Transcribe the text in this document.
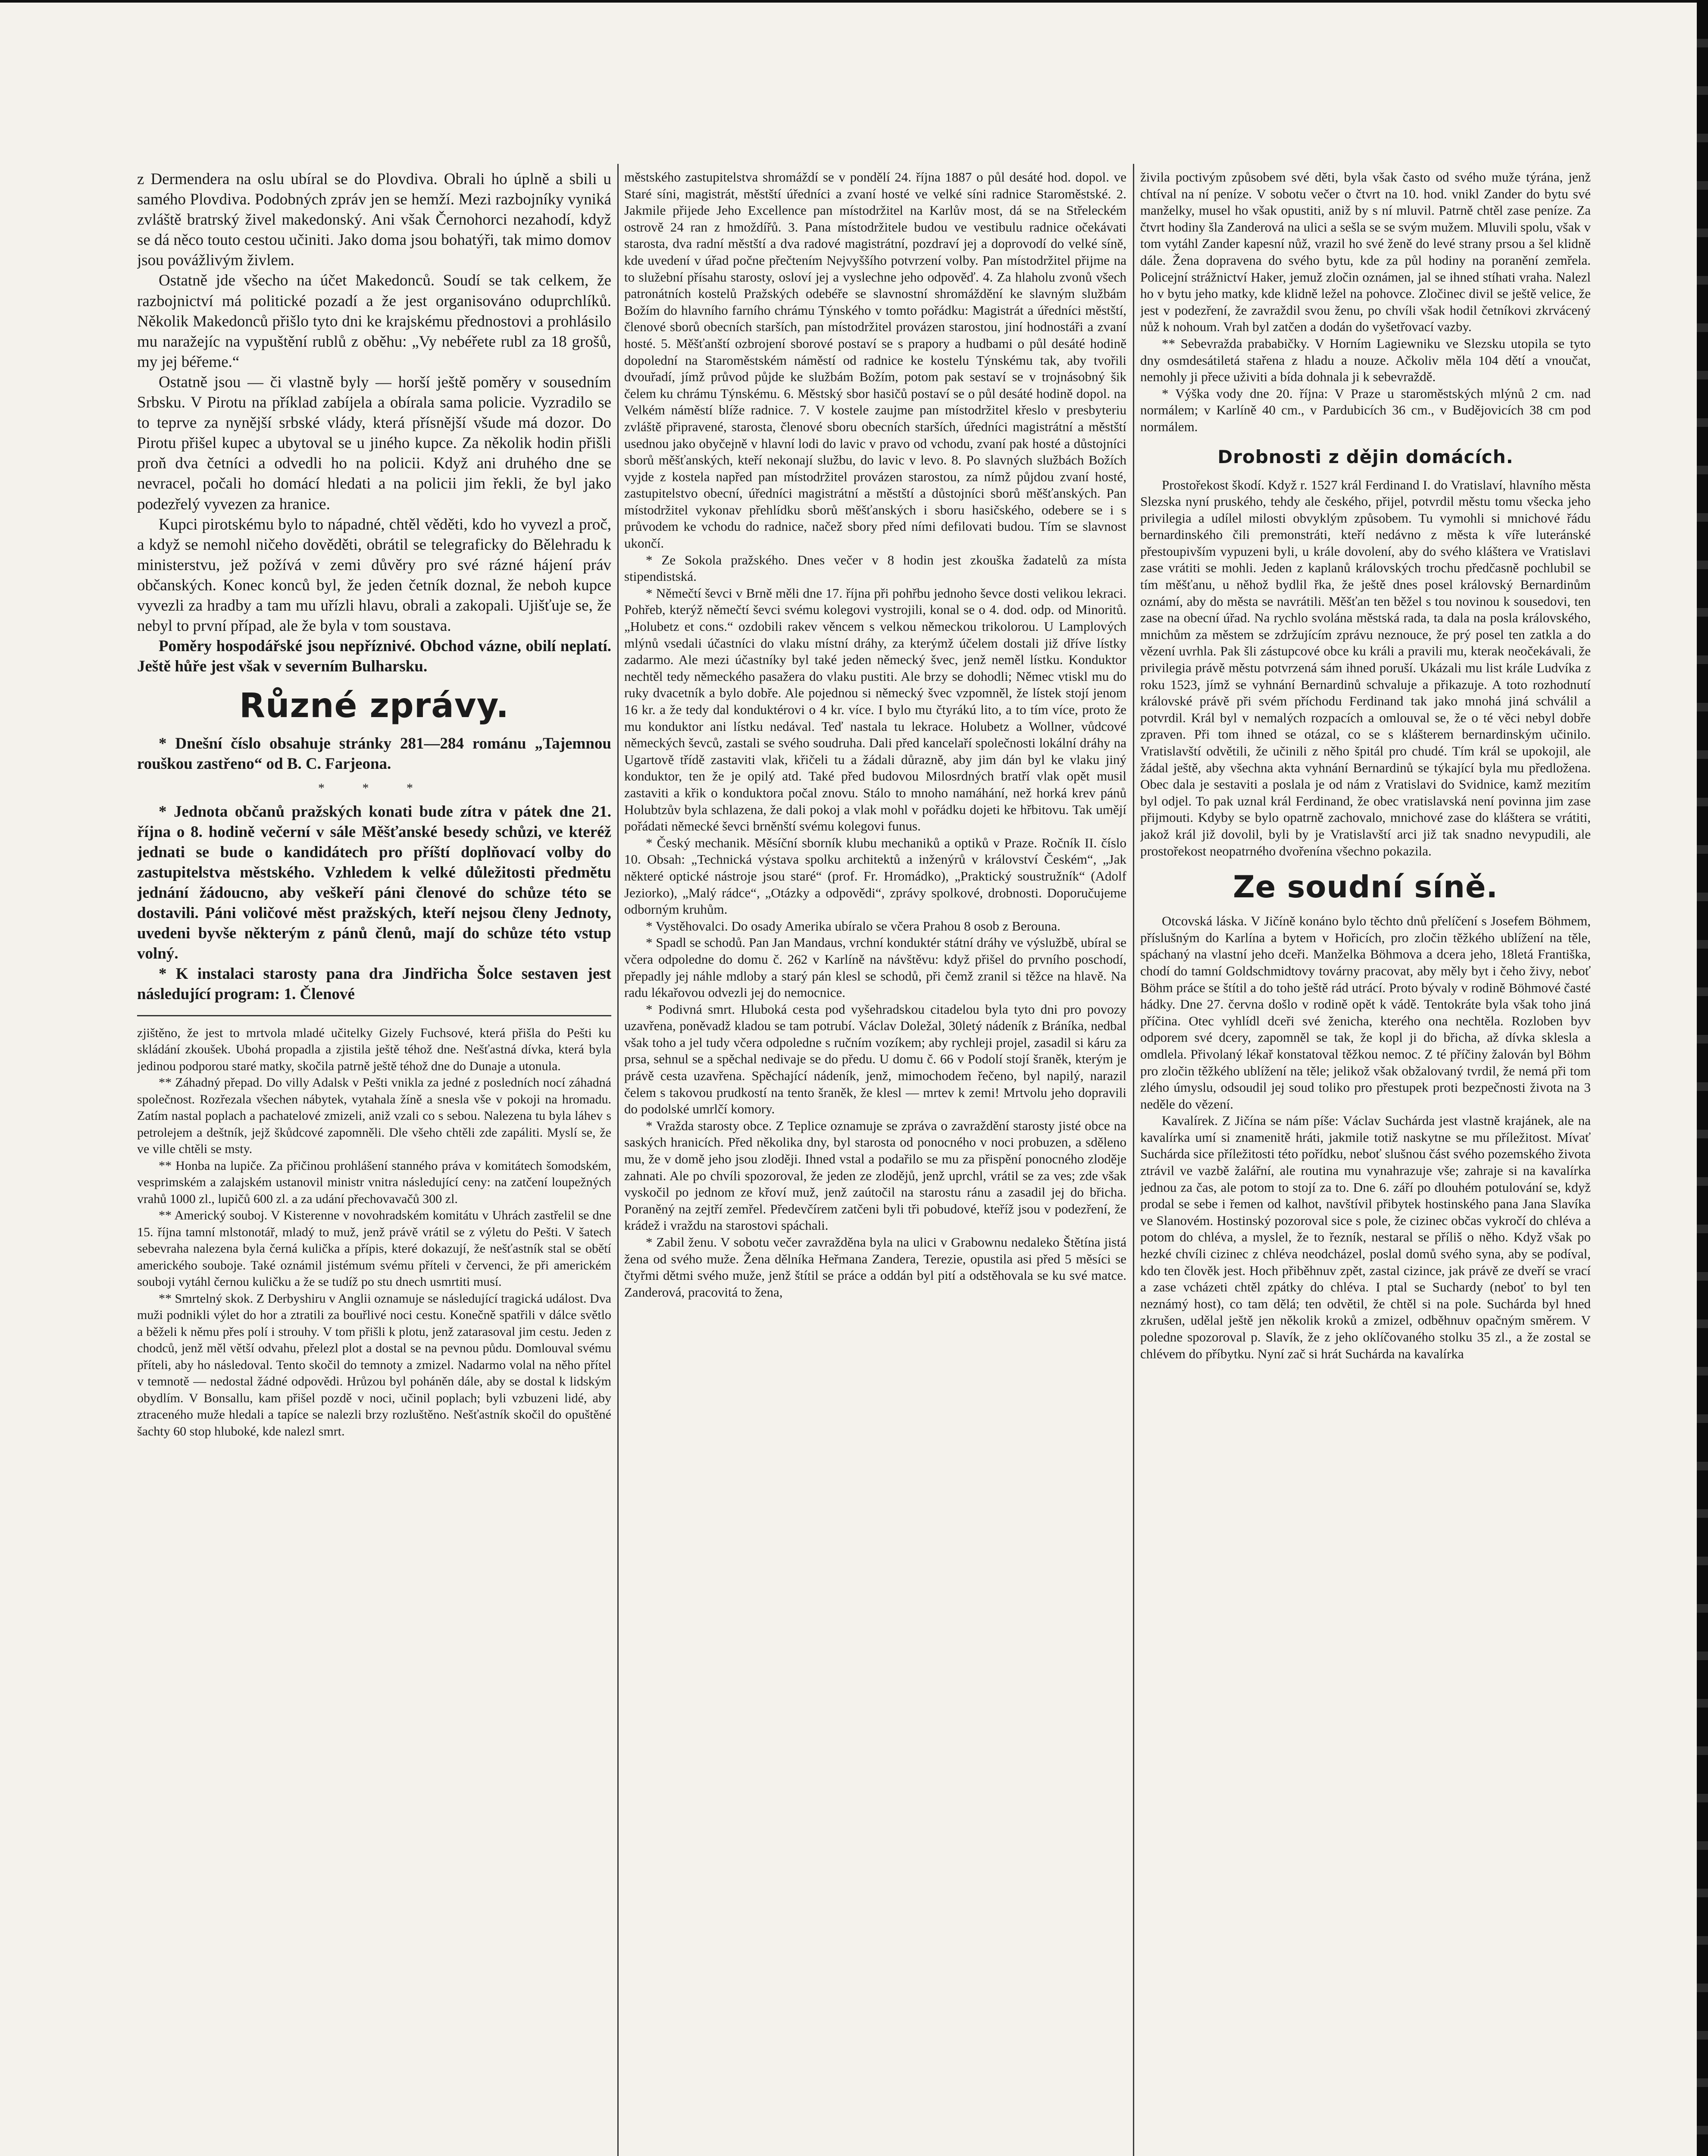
z Dermendera na oslu ubíral se do Plovdiva. Obrali ho úplně a sbili u samého Plovdiva. Podobných zpráv jen se hemží. Mezi razbojníky vyniká zvláště bratrský živel makedonský. Ani však Černohorci nezahodí, když se dá něco touto cestou učiniti. Jako doma jsou bohatýři, tak mimo domov jsou povážlivým živlem.

Ostatně jde všecho na účet Makedonců. Soudí se tak celkem, že razbojnictví má politické pozadí a že jest organisováno oduprchlíků. Několik Makedonců přišlo tyto dni ke krajskému přednostovi a prohlásilo mu naražejíc na vypuštění rublů z oběhu: „Vy nebéřete rubl za 18 grošů, my jej béřeme.“

Ostatně jsou — či vlastně byly — horší ještě poměry v sousedním Srbsku. V Pirotu na příklad zabíjela a obírala sama policie. Vyzradilo se to teprve za nynější srbské vlády, která přísnější všude má dozor. Do Pirotu přišel kupec a ubytoval se u jiného kupce. Za několik hodin přišli proň dva četníci a odvedli ho na policii. Když ani druhého dne se nevracel, počali ho domácí hledati a na policii jim řekli, že byl jako podezřelý vyvezen za hranice.

Kupci pirotskému bylo to nápadné, chtěl věděti, kdo ho vyvezl a proč, a když se nemohl ničeho dověděti, obrátil se telegraficky do Bělehradu k ministerstvu, jež požívá v zemi důvěry pro své rázné hájení práv občanských. Konec konců byl, že jeden četník doznal, že neboh kupce vyvezli za hradby a tam mu uřízli hlavu, obrali a zakopali. Ujišťuje se, že nebyl to první případ, ale že byla v tom soustava.

Poměry hospodářské jsou nepříznivé. Obchod vázne, obilí neplatí. Ještě hůře jest však v severním Bulharsku.

Různé zprávy.

* Dnešní číslo obsahuje stránky 281—284 románu „Tajemnou rouškou zastřeno“ od B. C. Farjeona.

* * *

* Jednota občanů pražských konati bude zítra v pátek dne 21. října o 8. hodině večerní v sále Měšťanské besedy schůzi, ve kteréž jednati se bude o kandidátech pro příští doplňovací volby do zastupitelstva městského. Vzhledem k velké důležitosti předmětu jednání žádoucno, aby veškeří páni členové do schůze této se dostavili. Páni voličové měst pražských, kteří nejsou členy Jednoty, uvedeni byvše některým z pánů členů, mají do schůze této vstup volný.

* K instalaci starosty pana dra Jindřicha Šolce sestaven jest následující program: 1. Členové

zjištěno, že jest to mrtvola mladé učitelky Gizely Fuchsové, která přišla do Pešti ku skládání zkoušek. Ubohá propadla a zjistila ještě téhož dne. Nešťastná dívka, která byla jedinou podporou staré matky, skočila patrně ještě téhož dne do Dunaje a utonula.

** Záhadný přepad. Do villy Adalsk v Pešti vnikla za jedné z posledních nocí záhadná společnost. Rozřezala všechen nábytek, vytahala žíně a snesla vše v pokoji na hromadu. Zatím nastal poplach a pachatelové zmizeli, aniž vzali co s sebou. Nalezena tu byla láhev s petrolejem a deštník, jejž škůdcové zapomněli. Dle všeho chtěli zde zapáliti. Myslí se, že ve ville chtěli se msty.

** Honba na lupiče. Za přičinou prohlášení stanného práva v komitátech šomodském, vesprimském a zalajském ustanovil ministr vnitra následující ceny: na zatčení loupežných vrahů 1000 zl., lupičů 600 zl. a za udání přechovavačů 300 zl.

** Americký souboj. V Kisterenne v novohradském komitátu v Uhrách zastřelil se dne 15. října tamní mlstonotář, mladý to muž, jenž právě vrátil se z výletu do Pešti. V šatech sebevraha nalezena byla černá kulička a přípis, které dokazují, že nešťastník stal se obětí amerického souboje. Také oznámil jistémum svému příteli v červenci, že při americkém souboji vytáhl černou kuličku a že se tudíž po stu dnech usmrtiti musí.

** Smrtelný skok. Z Derbyshiru v Anglii oznamuje se následující tragická událost. Dva muži podnikli výlet do hor a ztratili za bouřlivé noci cestu. Konečně spatřili v dálce světlo a běželi k němu přes polí i strouhy. V tom přišli k plotu, jenž zatarasoval jim cestu. Jeden z chodců, jenž měl větší odvahu, přelezl plot a dostal se na pevnou půdu. Domlouval svému příteli, aby ho následoval. Tento skočil do temnoty a zmizel. Nadarmo volal na něho přítel v temnotě — nedostal žádné odpovědi. Hrůzou byl poháněn dále, aby se dostal k lidským obydlím. V Bonsallu, kam přišel pozdě v noci, učinil poplach; byli vzbuzeni lidé, aby ztraceného muže hledali a tapíce se nalezli brzy rozluštěno. Nešťastník skočil do opuštěné šachty 60 stop hluboké, kde nalezl smrt.

městského zastupitelstva shromáždí se v pondělí 24. října 1887 o půl desáté hod. dopol. ve Staré síni, magistrát, městští úředníci a zvaní hosté ve velké síni radnice Staroměstské. 2. Jakmile přijede Jeho Excellence pan místodržitel na Karlův most, dá se na Střeleckém ostrově 24 ran z hmoždířů. 3. Pana místodržitele budou ve vestibulu radnice očekávati starosta, dva radní městští a dva radové magistrátní, pozdraví jej a doprovodí do velké síně, kde uvedení v úřad počne přečtením Nejvyššího potvrzení volby. Pan místodržitel přijme na to služební přísahu starosty, osloví jej a vyslechne jeho odpověď. 4. Za hlaholu zvonů všech patronátních kostelů Pražských odebéře se slavnostní shromáždění ke slavným službám Božím do hlavního farního chrámu Týnského v tomto pořádku: Magistrát a úředníci městští, členové sborů obecních starších, pan místodržitel provázen starostou, jiní hodnostáři a zvaní hosté. 5. Měšťanští ozbrojení sborové postaví se s prapory a hudbami o půl desáté hodině dopolední na Staroměstském náměstí od radnice ke kostelu Týnskému tak, aby tvořili dvouřadí, jímž průvod půjde ke službám Božím, potom pak sestaví se v trojnásobný šik čelem ku chrámu Týnskému. 6. Městský sbor hasičů postaví se o půl desáté hodině dopol. na Velkém náměstí blíže radnice. 7. V kostele zaujme pan místodržitel křeslo v presbyteriu zvláště připravené, starosta, členové sboru obecních starších, úředníci magistrátní a městští usednou jako obyčejně v hlavní lodi do lavic v pravo od vchodu, zvaní pak hosté a důstojníci sborů měšťanských, kteří nekonají službu, do lavic v levo. 8. Po slavných službách Božích vyjde z kostela napřed pan místodržitel provázen starostou, za nímž půjdou zvaní hosté, zastupitelstvo obecní, úředníci magistrátní a městští a důstojníci sborů měšťanských. Pan místodržitel vykonav přehlídku sborů měšťanských i sboru hasičského, odebere se i s průvodem ke vchodu do radnice, načež sbory před ními defilovati budou. Tím se slavnost ukončí.

* Ze Sokola pražského. Dnes večer v 8 hodin jest zkouška žadatelů za místa stipendistská.

* Němečtí ševci v Brně měli dne 17. října při pohřbu jednoho ševce dosti velikou lekraci. Pohřeb, kterýž němečtí ševci svému kolegovi vystrojili, konal se o 4. dod. odp. od Minoritů. „Holubetz et cons.“ ozdobili rakev věncem s velkou německou trikolorou. U Lamplových mlýnů vsedali účastníci do vlaku místní dráhy, za kterýmž účelem dostali již dříve lístky zadarmo. Ale mezi účastníky byl také jeden německý švec, jenž neměl lístku. Konduktor nechtěl tedy německého pasažera do vlaku pustiti. Ale brzy se dohodli; Němec vtiskl mu do ruky dvacetník a bylo dobře. Ale pojednou si německý švec vzpomněl, že lístek stojí jenom 16 kr. a že tedy dal konduktérovi o 4 kr. více. I bylo mu čtyrákú lito, a to tím více, proto že mu konduktor ani lístku nedával. Teď nastala tu lekrace. Holubetz a Wollner, vůdcové německých ševců, zastali se svého soudruha. Dali před kancelaří společnosti lokální dráhy na Ugartově třídě zastaviti vlak, křičeli tu a žádali důrazně, aby jim dán byl ke vlaku jiný konduktor, ten že je opilý atd. Také před budovou Milosrdných bratří vlak opět musil zastaviti a křik o konduktora počal znovu. Stálo to mnoho namáhání, než horká krev pánů Holubtzův byla schlazena, že dali pokoj a vlak mohl v pořádku dojeti ke hřbitovu. Tak umějí pořádati německé ševci brněnští svému kolegovi funus.

* Český mechanik. Měsíční sborník klubu mechaniků a optiků v Praze. Ročník II. číslo 10. Obsah: „Technická výstava spolku architektů a inženýrů v království Českém“, „Jak některé optické nástroje jsou staré“ (prof. Fr. Hromádko), „Praktický soustružník“ (Adolf Jeziorko), „Malý rádce“, „Otázky a odpovědi“, zprávy spolkové, drobnosti. Doporučujeme odborným kruhům.

* Vystěhovalci. Do osady Amerika ubíralo se včera Prahou 8 osob z Berouna.

* Spadl se schodů. Pan Jan Mandaus, vrchní konduktér státní dráhy ve výslužbě, ubíral se včera odpoledne do domu č. 262 v Karlíně na návštěvu: když přišel do prvního poschodí, přepadly jej náhle mdloby a starý pán klesl se schodů, při čemž zranil si těžce na hlavě. Na radu lékařovou odvezli jej do nemocnice.

* Podivná smrt. Hluboká cesta pod vyšehradskou citadelou byla tyto dni pro povozy uzavřena, poněvadž kladou se tam potrubí. Václav Doležal, 30letý nádeník z Bráníka, nedbal však toho a jel tudy včera odpoledne s ručním vozíkem; aby rychleji projel, zasadil si káru za prsa, sehnul se a spěchal nedivaje se do předu. U domu č. 66 v Podolí stojí šraněk, kterým je právě cesta uzavřena. Spěchající nádeník, jenž, mimochodem řečeno, byl napilý, narazil čelem s takovou prudkostí na tento šraněk, že klesl — mrtev k zemi! Mrtvolu jeho dopravili do podolské umrlčí komory.

* Vražda starosty obce. Z Teplice oznamuje se zpráva o zavraždění starosty jisté obce na saských hranicích. Před několika dny, byl starosta od ponocného v noci probuzen, a sděleno mu, že v domě jeho jsou zloději. Ihned vstal a podařilo se mu za přispění ponocného zloděje zahnati. Ale po chvíli spozoroval, že jeden ze zlodějů, jenž uprchl, vrátil se za ves; zde však vyskočil po jednom ze křoví muž, jenž zaútočil na starostu ránu a zasadil jej do břicha. Poraněný na zejtří zemřel. Předevčírem zatčeni byli tři pobudové, kteříž jsou v podezření, že krádež i vraždu na starostovi spáchali.

* Zabil ženu. V sobotu večer zavražděna byla na ulici v Grabownu nedaleko Štětína jistá žena od svého muže. Žena dělníka Heřmana Zandera, Terezie, opustila asi před 5 měsíci se čtyřmi dětmi svého muže, jenž štítil se práce a oddán byl pití a odstěhovala se ku své matce. Zanderová, pracovitá to žena,

živila poctivým způsobem své děti, byla však často od svého muže týrána, jenž chtíval na ní peníze. V sobotu večer o čtvrt na 10. hod. vnikl Zander do bytu své manželky, musel ho však opustiti, aniž by s ní mluvil. Patrně chtěl zase peníze. Za čtvrt hodiny šla Zanderová na ulici a sešla se se svým mužem. Mluvili spolu, však v tom vytáhl Zander kapesní nůž, vrazil ho své ženě do levé strany prsou a šel klidně dále. Žena dopravena do svého bytu, kde za půl hodiny na poranění zemřela. Policejní strážnictví Haker, jemuž zločin oznámen, jal se ihned stíhati vraha. Nalezl ho v bytu jeho matky, kde klidně ležel na pohovce. Zločinec divil se ještě velice, že jest v podezření, že zavraždil svou ženu, po chvíli však hodil četníkovi zkrvácený nůž k nohoum. Vrah byl zatčen a dodán do vyšetřovací vazby.

** Sebevražda prababičky. V Horním Lagiewniku ve Slezsku utopila se tyto dny osmdesátiletá stařena z hladu a nouze. Ačkoliv měla 104 dětí a vnoučat, nemohly ji přece uživiti a bída dohnala ji k sebevraždě.

* Výška vody dne 20. října: V Praze u staroměstských mlýnů 2 cm. nad normálem; v Karlíně 40 cm., v Pardubicích 36 cm., v Budějovicích 38 cm pod normálem.

Drobnosti z dějin domácích.

Prostořekost škodí. Když r. 1527 král Ferdinand I. do Vratislaví, hlavního města Slezska nyní pruského, tehdy ale českého, přijel, potvrdil městu tomu všecka jeho privilegia a udílel milosti obvyklým způsobem. Tu vymohli si mnichové řádu bernardinského čili premonstráti, kteří nedávno z města k víře luteránské přestoupivším vypuzeni byli, u krále dovolení, aby do svého kláštera ve Vratislavi zase vrátiti se mohli. Jeden z kaplanů královských trochu předčasně pochlubil se tím měšťanu, u něhož bydlil řka, že ještě dnes posel královský Bernardinům oznámí, aby do města se navrátili. Měšťan ten běžel s tou novinou k sousedovi, ten zase na obecní úřad. Na rychlo svolána městská rada, ta dala na posla královského, mnichům za městem se zdržujícím zprávu neznouce, že prý posel ten zatkla a do vězení uvrhla. Pak šli zástupcové obce ku králi a pravili mu, kterak neočekávali, že privilegia právě městu potvrzená sám ihned poruší. Ukázali mu list krále Ludvíka z roku 1523, jímž se vyhnání Bernardinů schvaluje a přikazuje. A toto rozhodnutí královské právě při svém příchodu Ferdinand tak jako mnohá jiná schválil a potvrdil. Král byl v nemalých rozpacích a omlouval se, že o té věci nebyl dobře zpraven. Při tom ihned se otázal, co se s klášterem bernardinským učinilo. Vratislavští odvětili, že učinili z něho špitál pro chudé. Tím král se upokojil, ale žádal ještě, aby všechna akta vyhnání Bernardinů se týkající byla mu předložena. Obec dala je sestaviti a poslala je od nám z Vratislavi do Svidnice, kamž mezitím byl odjel. To pak uznal král Ferdinand, že obec vratislavská není povinna jim zase přijmouti. Kdyby se bylo opatrně zachovalo, mnichové zase do kláštera se vrátiti, jakož král již dovolil, byli by je Vratislavští arci již tak snadno nevypudili, ale prostořekost neopatrného dvořenína všechno pokazila.

Ze soudní síně.

Otcovská láska. V Jičíně konáno bylo těchto dnů přelíčení s Josefem Böhmem, příslušným do Karlína a bytem v Hořicích, pro zločin těžkého ublížení na těle, spáchaný na vlastní jeho dceři. Manželka Böhmova a dcera jeho, 18letá Františka, chodí do tamní Goldschmidtovy továrny pracovat, aby měly byt i čeho živy, neboť Böhm práce se štítil a do toho ještě rád utrácí. Proto bývaly v rodině Böhmové časté hádky. Dne 27. června došlo v rodině opět k vádě. Tentokráte byla však toho jiná příčina. Otec vyhlídl dceři své ženicha, kterého ona nechtěla. Rozloben byv odporem své dcery, zapomněl se tak, že kopl ji do břicha, až dívka sklesla a omdlela. Přivolaný lékař konstatoval těžkou nemoc. Z té příčiny žalován byl Böhm pro zločin těžkého ublížení na těle; jelikož však obžalovaný tvrdil, že nemá při tom zlého úmyslu, odsoudil jej soud toliko pro přestupek proti bezpečnosti života na 3 neděle do vězení.

Kavalírek. Z Jičína se nám píše: Václav Suchárda jest vlastně krajánek, ale na kavalírka umí si znamenitě hráti, jakmile totiž naskytne se mu příležitost. Mívať Suchárda sice příležitosti této pořídku, neboť slušnou část svého pozemského života ztrávil ve vazbě žalářní, ale routina mu vynahrazuje vše; zahraje si na kavalírka jednou za čas, ale potom to stojí za to. Dne 6. září po dlouhém potulování se, když prodal se sebe i řemen od kalhot, navštívil přibytek hostinského pana Jana Slavíka ve Slanovém. Hostinský pozoroval sice s pole, že cizinec občas vykročí do chléva a potom do chléva, a myslel, že to řezník, nestaral se příliš o něho. Když však po hezké chvíli cizinec z chléva neodcházel, poslal domů svého syna, aby se podíval, kdo ten člověk jest. Hoch přiběhnuv zpět, zastal cizince, jak právě ze dveří se vrací a zase vcházeti chtěl zpátky do chléva. I ptal se Suchardy (neboť to byl ten neznámý host), co tam dělá; ten odvětil, že chtěl si na pole. Suchárda byl hned zkrušen, udělal ještě jen několik kroků a zmizel, odběhnuv opačným směrem. V poledne spozoroval p. Slavík, že z jeho oklíčovaného stolku 35 zl., a že zostal se chlévem do příbytku. Nyní zač si hrát Suchárda na kavalírka
